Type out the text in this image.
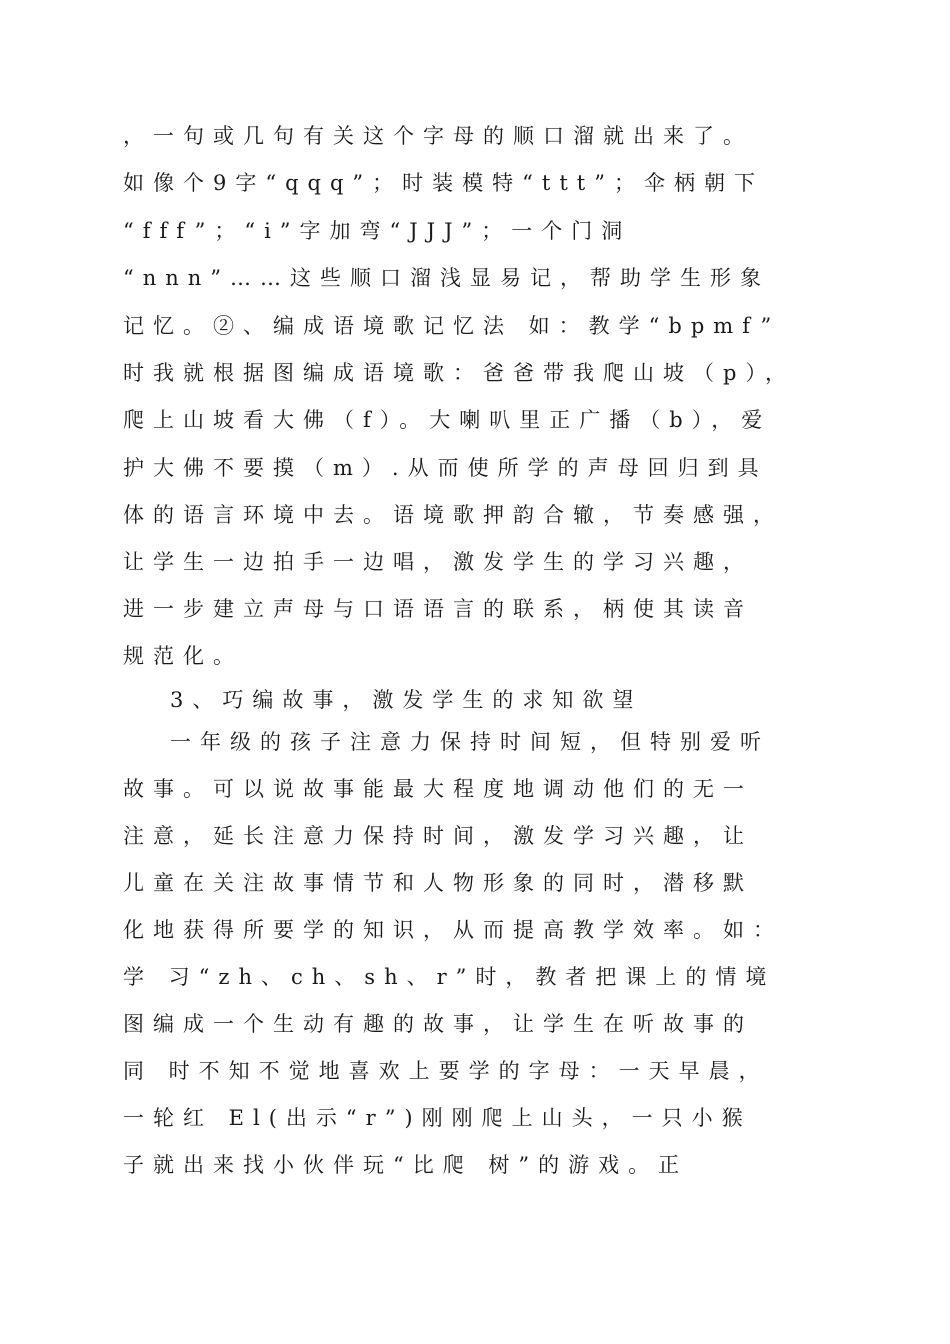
，一句或几句有关这个字母的顺口溜就出来了。
如像个9字“qqq”；时装模特“ttt”；伞柄朝下
“fff”；“i”字加弯“JJJ”；一个门洞
“nnn”……这些顺口溜浅显易记，帮助学生形象
记忆。②、编成语境歌记忆法 如：教学“bpmf”
时我就根据图编成语境歌：爸爸带我爬山坡（p），
爬上山坡看大佛（f）。大喇叭里正广播（b），爱
护大佛不要摸（m）.从而使所学的声母回归到具
体的语言环境中去。语境歌押韵合辙，节奏感强，
让学生一边拍手一边唱，激发学生的学习兴趣，
进一步建立声母与口语语言的联系，柄使其读音
规范化。
3、巧编故事，激发学生的求知欲望
一年级的孩子注意力保持时间短，但特别爱听
故事。可以说故事能最大程度地调动他们的无一
注意，延长注意力保持时间，激发学习兴趣，让
儿童在关注故事情节和人物形象的同时，潜移默
化地获得所要学的知识，从而提高教学效率。如：
学 习“zh、ch、sh、r”时，教者把课上的情境
图编成一个生动有趣的故事，让学生在听故事的
同 时不知不觉地喜欢上要学的字母：一天早晨，
一轮红 El(出示“r”)刚刚爬上山头，一只小猴
子就出来找小伙伴玩“比爬 树”的游戏。正
